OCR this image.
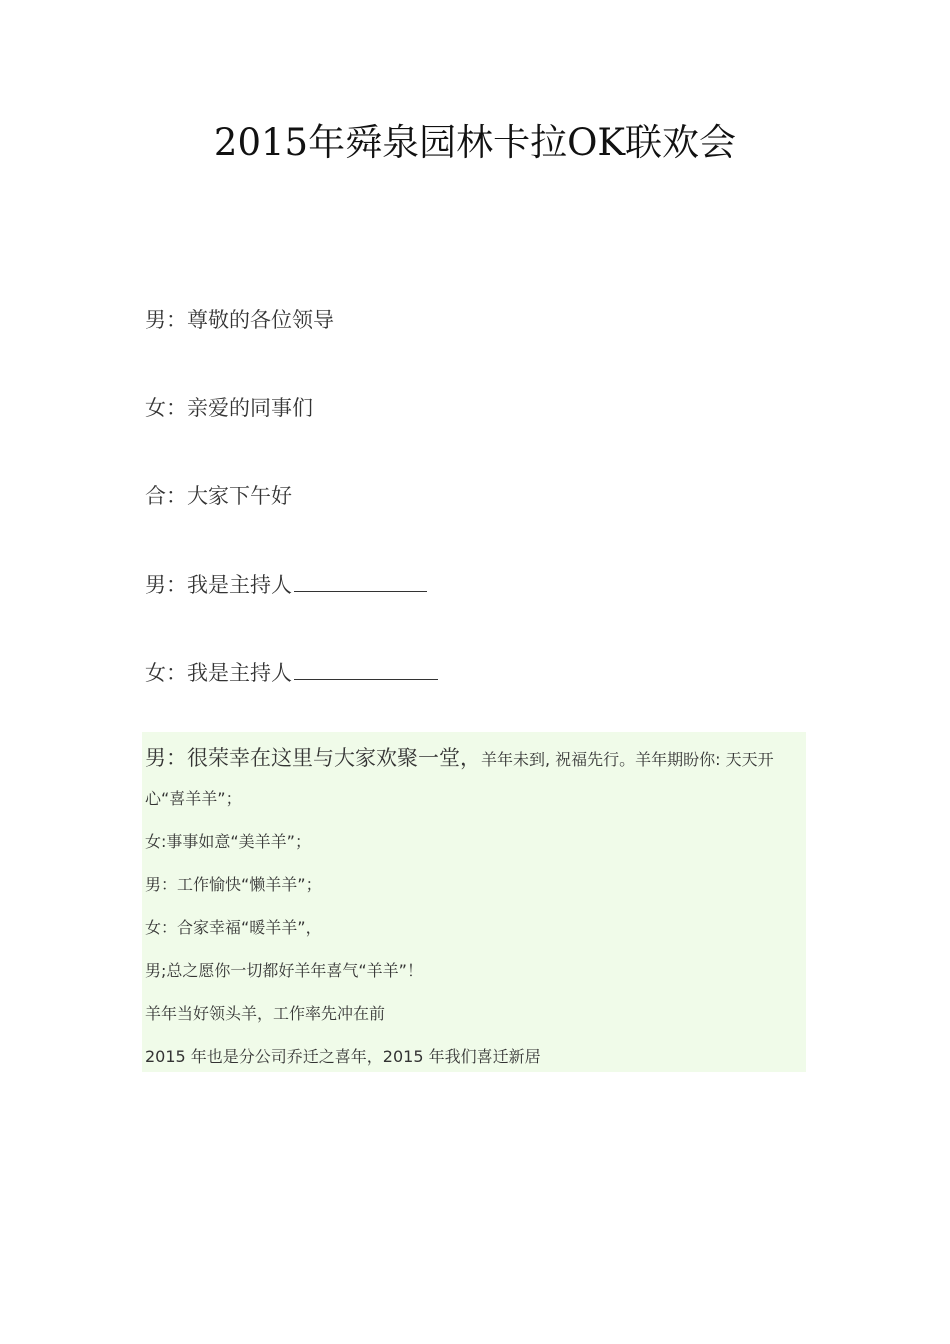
2015年舜泉园林卡拉OK联欢会
男：尊敬的各位领导
女：亲爱的同事们
合：大家下午好
男：我是主持人
女：我是主持人
男：很荣幸在这里与大家欢聚一堂，羊年未到, 祝福先行。羊年期盼你: 天天开
心“喜羊羊”；
女:事事如意“美羊羊”；
男：工作愉快“懒羊羊”；
女：合家幸福“暖羊羊”，
男;总之愿你一切都好羊年喜气“羊羊”！
羊年当好领头羊，工作率先冲在前
2015 年也是分公司乔迁之喜年，2015 年我们喜迁新居
